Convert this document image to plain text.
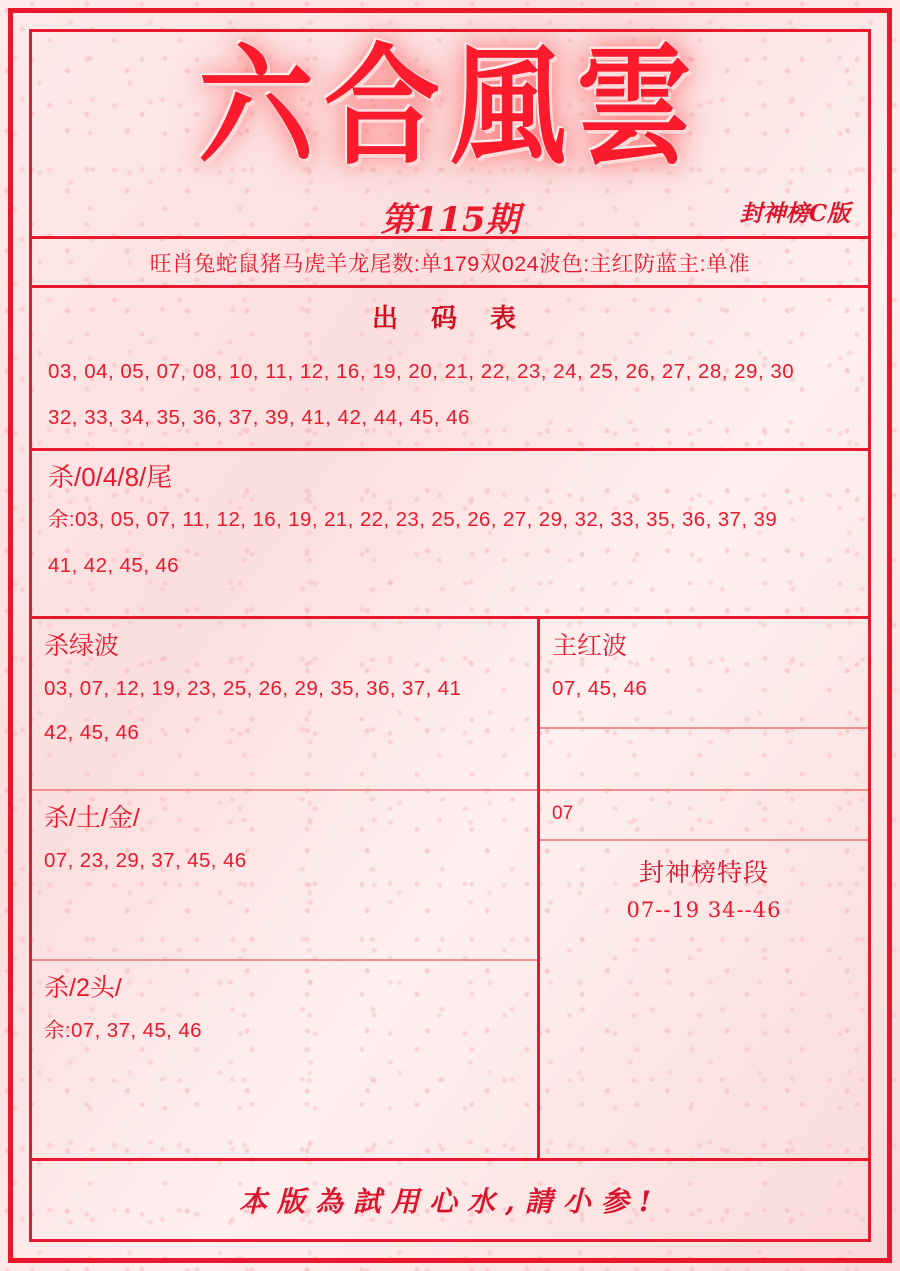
六合風雲
第115期	封神榜C版
旺肖兔蛇鼠猪马虎羊龙尾数:单179双024波色:主红防蓝主:单准
出 码 表
03, 04, 05, 07, 08, 10, 11, 12, 16, 19, 20, 21, 22, 23, 24, 25, 26, 27, 28, 29, 30
32, 33, 34, 35, 36, 37, 39, 41, 42, 44, 45, 46
杀/0/4/8/尾
余:03, 05, 07, 11, 12, 16, 19, 21, 22, 23, 25, 26, 27, 29, 32, 33, 35, 36, 37, 39
41, 42, 45, 46
杀绿波
03, 07, 12, 19, 23, 25, 26, 29, 35, 36, 37, 41
42, 45, 46
杀/土/金/
07, 23, 29, 37, 45, 46
杀/2头/
余:07, 37, 45, 46
主红波
07, 45, 46
07
封神榜特段
07--19 34--46
本版為試用心水,請小参!
